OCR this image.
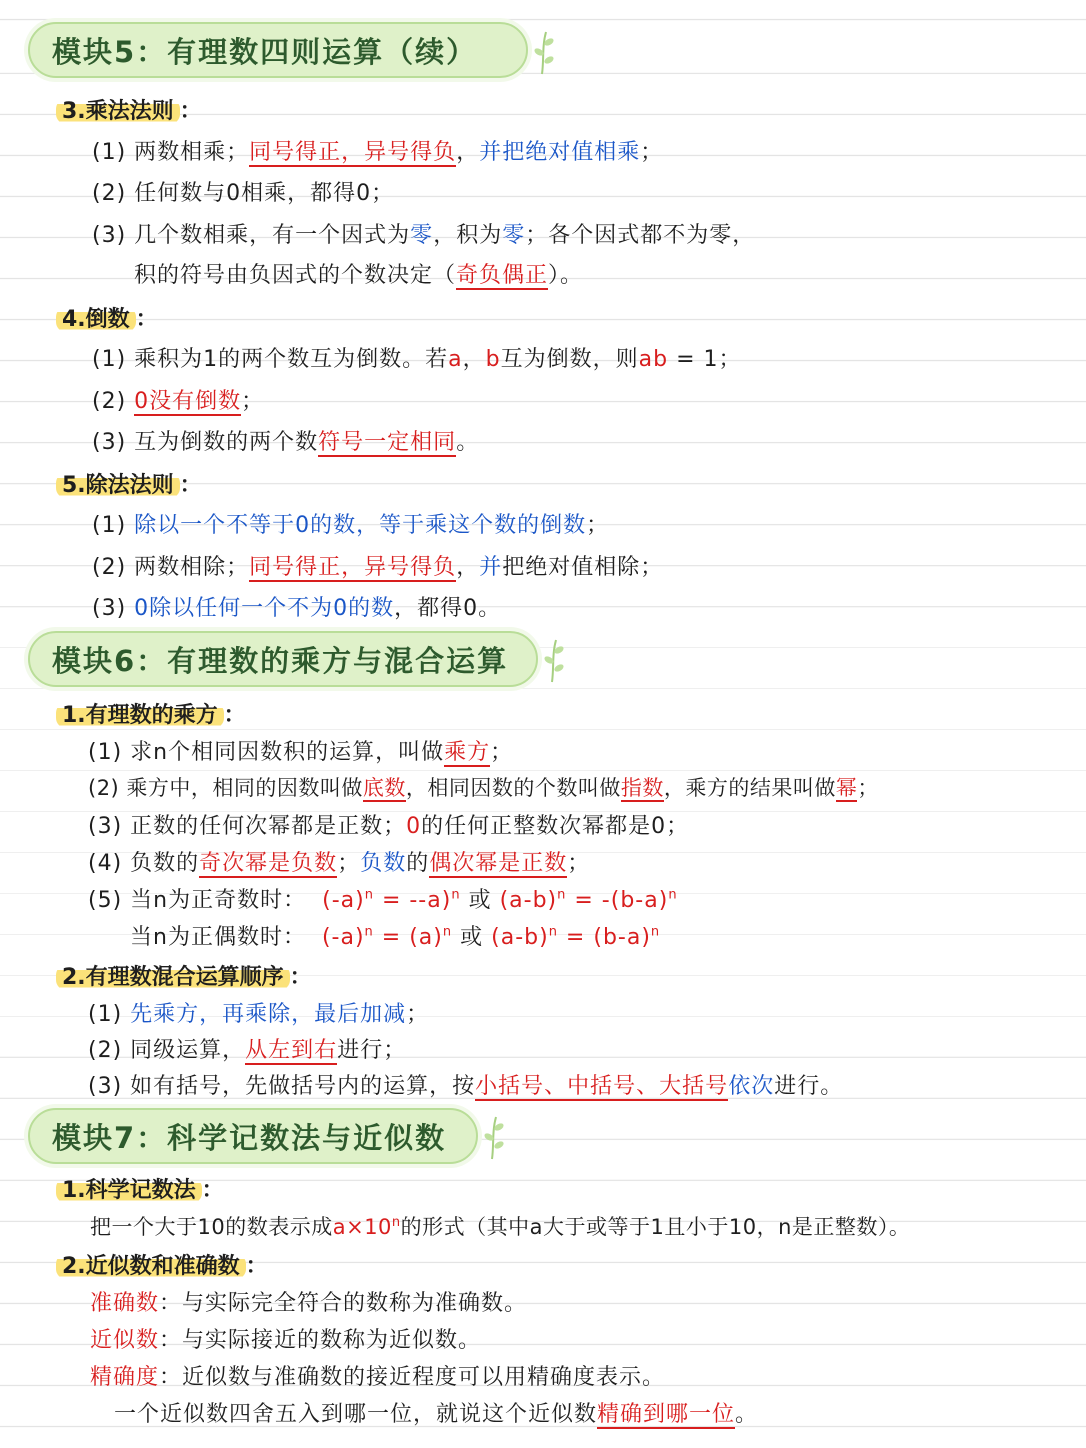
模块5：有理数四则运算（续）
3.乘法法则 ：
(1) 两数相乘；同号得正，异号得负，并把绝对值相乘；
(2) 任何数与0相乘，都得0；
(3) 几个数相乘，有一个因式为零，积为零；各个因式都不为零，
积的符号由负因式的个数决定（奇负偶正）。
4.倒数 ：
(1) 乘积为1的两个数互为倒数。若a，b互为倒数，则ab = 1；
(2) 0没有倒数；
(3) 互为倒数的两个数符号一定相同。
5.除法法则 ：
(1) 除以一个不等于0的数，等于乘这个数的倒数；
(2) 两数相除；同号得正，异号得负，并把绝对值相除；
(3) 0除以任何一个不为0的数，都得0。
模块6：有理数的乘方与混合运算
1.有理数的乘方 ：
(1) 求n个相同因数积的运算，叫做乘方；
(2) 乘方中，相同的因数叫做底数，相同因数的个数叫做指数，乘方的结果叫做幂；
(3) 正数的任何次幂都是正数；0的任何正整数次幂都是0；
(4) 负数的奇次幂是负数；负数的偶次幂是正数；
(5) 当n为正奇数时： $(-a)^n = --a)^n$ 或 $(a-b)^n = -(b-a)^n$
当n为正偶数时： $(-a)^n = (a)^n$ 或 $(a-b)^n = (b-a)^n$
2.有理数混合运算顺序 ：
(1) 先乘方，再乘除，最后加减；
(2) 同级运算，从左到右进行；
(3) 如有括号，先做括号内的运算，按小括号、中括号、大括号依次进行。
模块7：科学记数法与近似数
1.科学记数法 ：
把一个大于10的数表示成$a\times 10^n$的形式（其中a大于或等于1且小于10，n是正整数）。
2.近似数和准确数 ：
准确数：与实际完全符合的数称为准确数。
近似数：与实际接近的数称为近似数。
精确度：近似数与准确数的接近程度可以用精确度表示。
一个近似数四舍五入到哪一位，就说这个近似数精确到哪一位。
